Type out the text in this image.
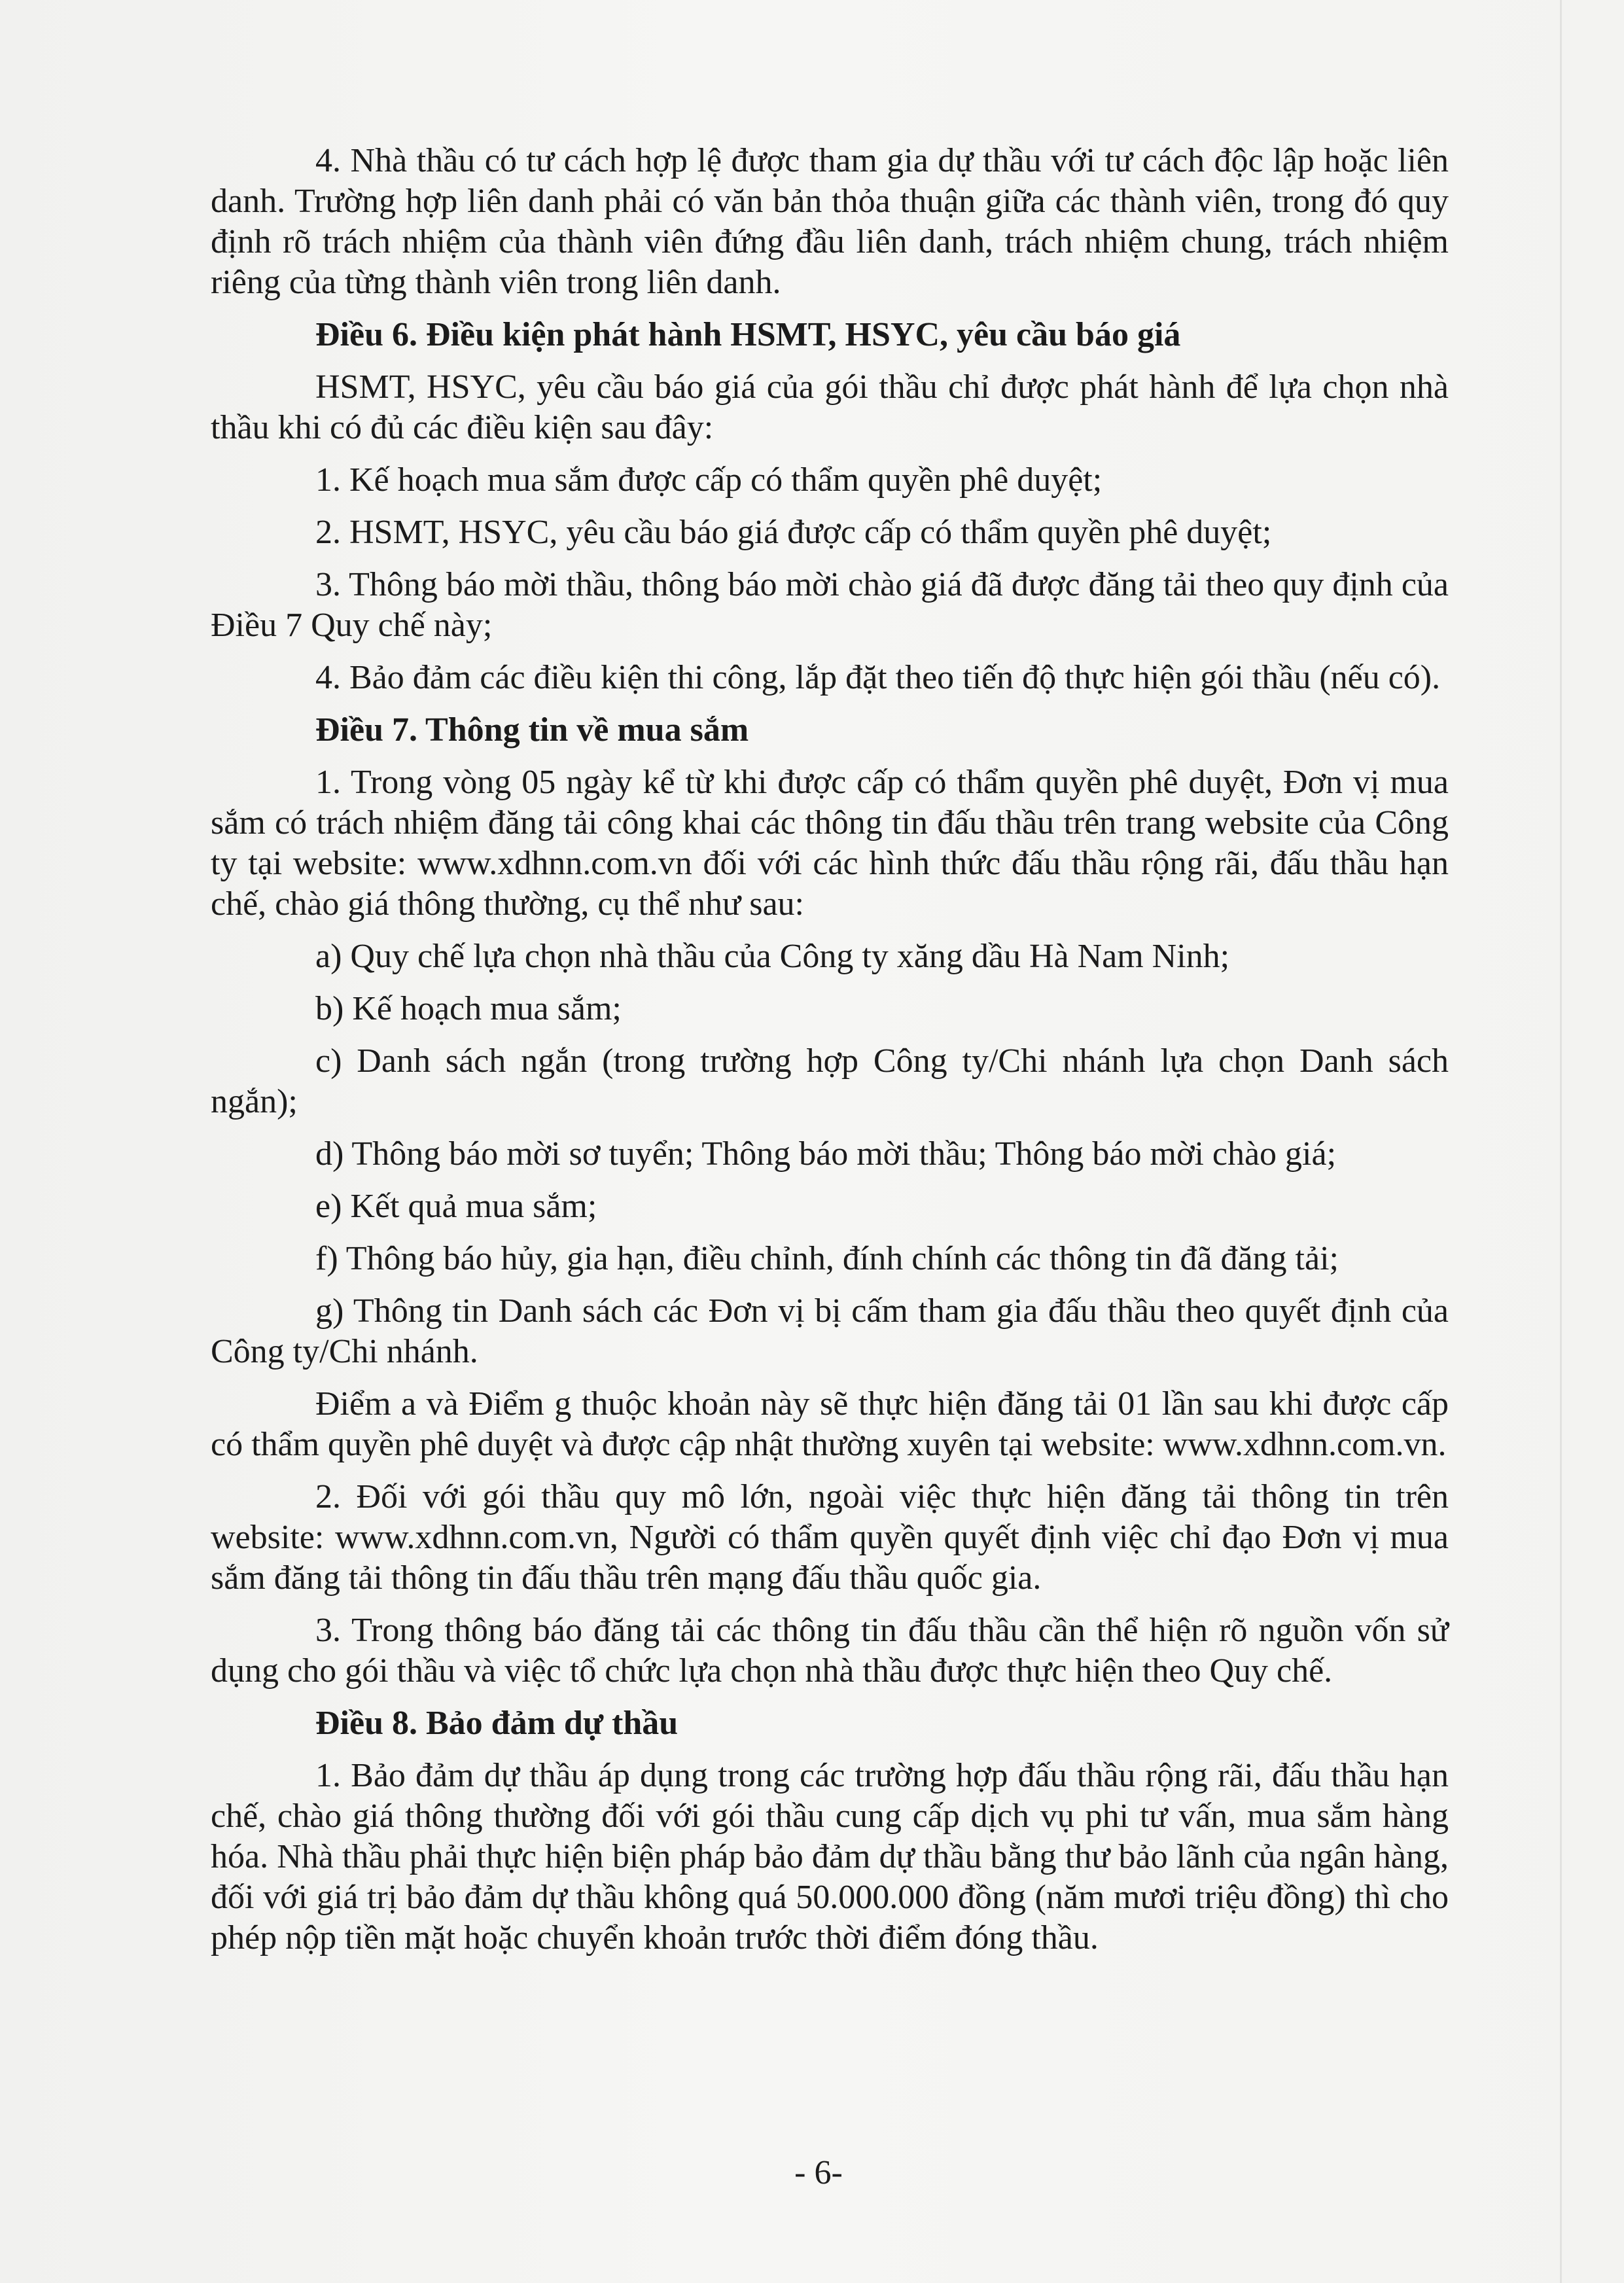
4. Nhà thầu có tư cách hợp lệ được tham gia dự thầu với tư cách độc lập hoặc liên danh. Trường hợp liên danh phải có văn bản thỏa thuận giữa các thành viên, trong đó quy định rõ trách nhiệm của thành viên đứng đầu liên danh, trách nhiệm chung, trách nhiệm riêng của từng thành viên trong liên danh.

Điều 6. Điều kiện phát hành HSMT, HSYC, yêu cầu báo giá

HSMT, HSYC, yêu cầu báo giá của gói thầu chỉ được phát hành để lựa chọn nhà thầu khi có đủ các điều kiện sau đây:

1. Kế hoạch mua sắm được cấp có thẩm quyền phê duyệt;

2. HSMT, HSYC, yêu cầu báo giá được cấp có thẩm quyền phê duyệt;

3. Thông báo mời thầu, thông báo mời chào giá đã được đăng tải theo quy định của Điều 7 Quy chế này;

4. Bảo đảm các điều kiện thi công, lắp đặt theo tiến độ thực hiện gói thầu (nếu có).

Điều 7. Thông tin về mua sắm

1. Trong vòng 05 ngày kể từ khi được cấp có thẩm quyền phê duyệt, Đơn vị mua sắm có trách nhiệm đăng tải công khai các thông tin đấu thầu trên trang website của Công ty tại website: www.xdhnn.com.vn đối với các hình thức đấu thầu rộng rãi, đấu thầu hạn chế, chào giá thông thường, cụ thể như sau:

a) Quy chế lựa chọn nhà thầu của Công ty xăng dầu Hà Nam Ninh;

b) Kế hoạch mua sắm;

c) Danh sách ngắn (trong trường hợp Công ty/Chi nhánh lựa chọn Danh sách ngắn);

d) Thông báo mời sơ tuyển; Thông báo mời thầu; Thông báo mời chào giá;

e) Kết quả mua sắm;

f) Thông báo hủy, gia hạn, điều chỉnh, đính chính các thông tin đã đăng tải;

g) Thông tin Danh sách các Đơn vị bị cấm tham gia đấu thầu theo quyết định của Công ty/Chi nhánh.

Điểm a và Điểm g thuộc khoản này sẽ thực hiện đăng tải 01 lần sau khi được cấp có thẩm quyền phê duyệt và được cập nhật thường xuyên tại website: www.xdhnn.com.vn.

2. Đối với gói thầu quy mô lớn, ngoài việc thực hiện đăng tải thông tin trên website: www.xdhnn.com.vn, Người có thẩm quyền quyết định việc chỉ đạo Đơn vị mua sắm đăng tải thông tin đấu thầu trên mạng đấu thầu quốc gia.

3. Trong thông báo đăng tải các thông tin đấu thầu cần thể hiện rõ nguồn vốn sử dụng cho gói thầu và việc tổ chức lựa chọn nhà thầu được thực hiện theo Quy chế.

Điều 8. Bảo đảm dự thầu

1. Bảo đảm dự thầu áp dụng trong các trường hợp đấu thầu rộng rãi, đấu thầu hạn chế, chào giá thông thường đối với gói thầu cung cấp dịch vụ phi tư vấn, mua sắm hàng hóa. Nhà thầu phải thực hiện biện pháp bảo đảm dự thầu bằng thư bảo lãnh của ngân hàng, đối với giá trị bảo đảm dự thầu không quá 50.000.000 đồng (năm mươi triệu đồng) thì cho phép nộp tiền mặt hoặc chuyển khoản trước thời điểm đóng thầu.

- 6-
